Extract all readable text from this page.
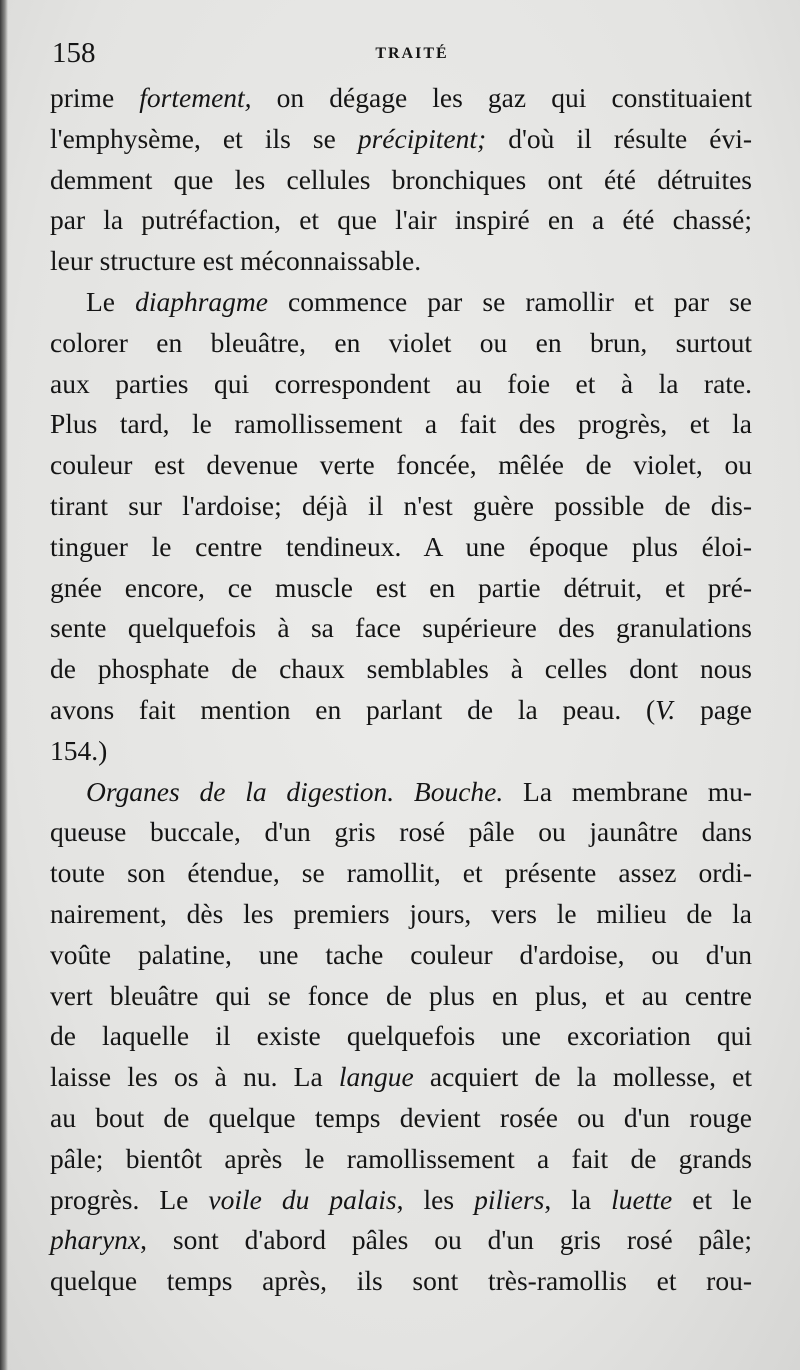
158	TRAITÉ
prime fortement, on dégage les gaz qui constituaient
l'emphysème, et ils se précipitent; d'où il résulte évi-
demment que les cellules bronchiques ont été détruites
par la putréfaction, et que l'air inspiré en a été chassé;
leur structure est méconnaissable.
Le diaphragme commence par se ramollir et par se
colorer en bleuâtre, en violet ou en brun, surtout
aux parties qui correspondent au foie et à la rate.
Plus tard, le ramollissement a fait des progrès, et la
couleur est devenue verte foncée, mêlée de violet, ou
tirant sur l'ardoise; déjà il n'est guère possible de dis-
tinguer le centre tendineux. A une époque plus éloi-
gnée encore, ce muscle est en partie détruit, et pré-
sente quelquefois à sa face supérieure des granulations
de phosphate de chaux semblables à celles dont nous
avons fait mention en parlant de la peau. (V. page
154.)
Organes de la digestion. Bouche. La membrane mu-
queuse buccale, d'un gris rosé pâle ou jaunâtre dans
toute son étendue, se ramollit, et présente assez ordi-
nairement, dès les premiers jours, vers le milieu de la
voûte palatine, une tache couleur d'ardoise, ou d'un
vert bleuâtre qui se fonce de plus en plus, et au centre
de laquelle il existe quelquefois une excoriation qui
laisse les os à nu. La langue acquiert de la mollesse, et
au bout de quelque temps devient rosée ou d'un rouge
pâle; bientôt après le ramollissement a fait de grands
progrès. Le voile du palais, les piliers, la luette et le
pharynx, sont d'abord pâles ou d'un gris rosé pâle;
quelque temps après, ils sont très-ramollis et rou-
